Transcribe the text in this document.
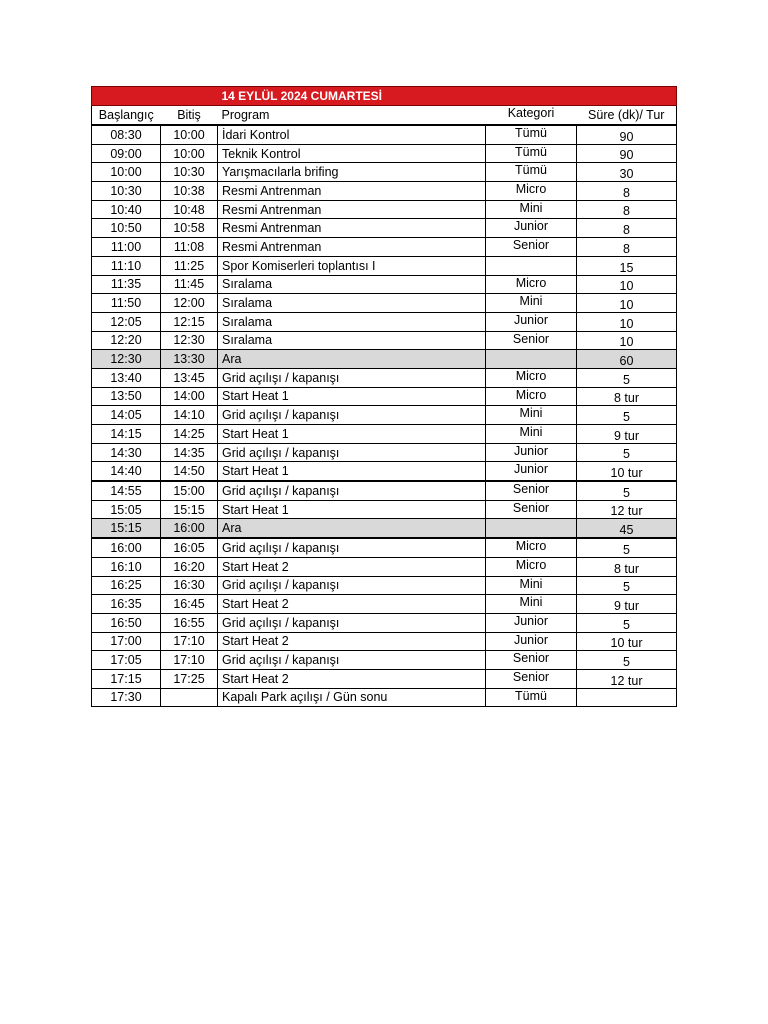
		14 EYLÜL 2024 CUMARTESİ		
Başlangıç	Bitiş	Program	Kategori	Süre (dk)/ Tur
08:30	10:00	İdari Kontrol	Tümü	90
09:00	10:00	Teknik Kontrol	Tümü	90
10:00	10:30	Yarışmacılarla brifing	Tümü	30
10:30	10:38	Resmi Antrenman	Micro	8
10:40	10:48	Resmi Antrenman	Mini	8
10:50	10:58	Resmi Antrenman	Junior	8
11:00	11:08	Resmi Antrenman	Senior	8
11:10	11:25	Spor Komiserleri toplantısı I		15
11:35	11:45	Sıralama	Micro	10
11:50	12:00	Sıralama	Mini	10
12:05	12:15	Sıralama	Junior	10
12:20	12:30	Sıralama	Senior	10
12:30	13:30	Ara		60
13:40	13:45	Grid açılışı / kapanışı	Micro	5
13:50	14:00	Start Heat 1	Micro	8 tur
14:05	14:10	Grid açılışı / kapanışı	Mini	5
14:15	14:25	Start Heat 1	Mini	9 tur
14:30	14:35	Grid açılışı / kapanışı	Junior	5
14:40	14:50	Start Heat 1	Junior	10 tur
14:55	15:00	Grid açılışı / kapanışı	Senior	5
15:05	15:15	Start Heat 1	Senior	12 tur
15:15	16:00	Ara		45
16:00	16:05	Grid açılışı / kapanışı	Micro	5
16:10	16:20	Start Heat 2	Micro	8 tur
16:25	16:30	Grid açılışı / kapanışı	Mini	5
16:35	16:45	Start Heat 2	Mini	9 tur
16:50	16:55	Grid açılışı / kapanışı	Junior	5
17:00	17:10	Start Heat 2	Junior	10 tur
17:05	17:10	Grid açılışı / kapanışı	Senior	5
17:15	17:25	Start Heat 2	Senior	12 tur
17:30		Kapalı Park açılışı / Gün sonu	Tümü	
